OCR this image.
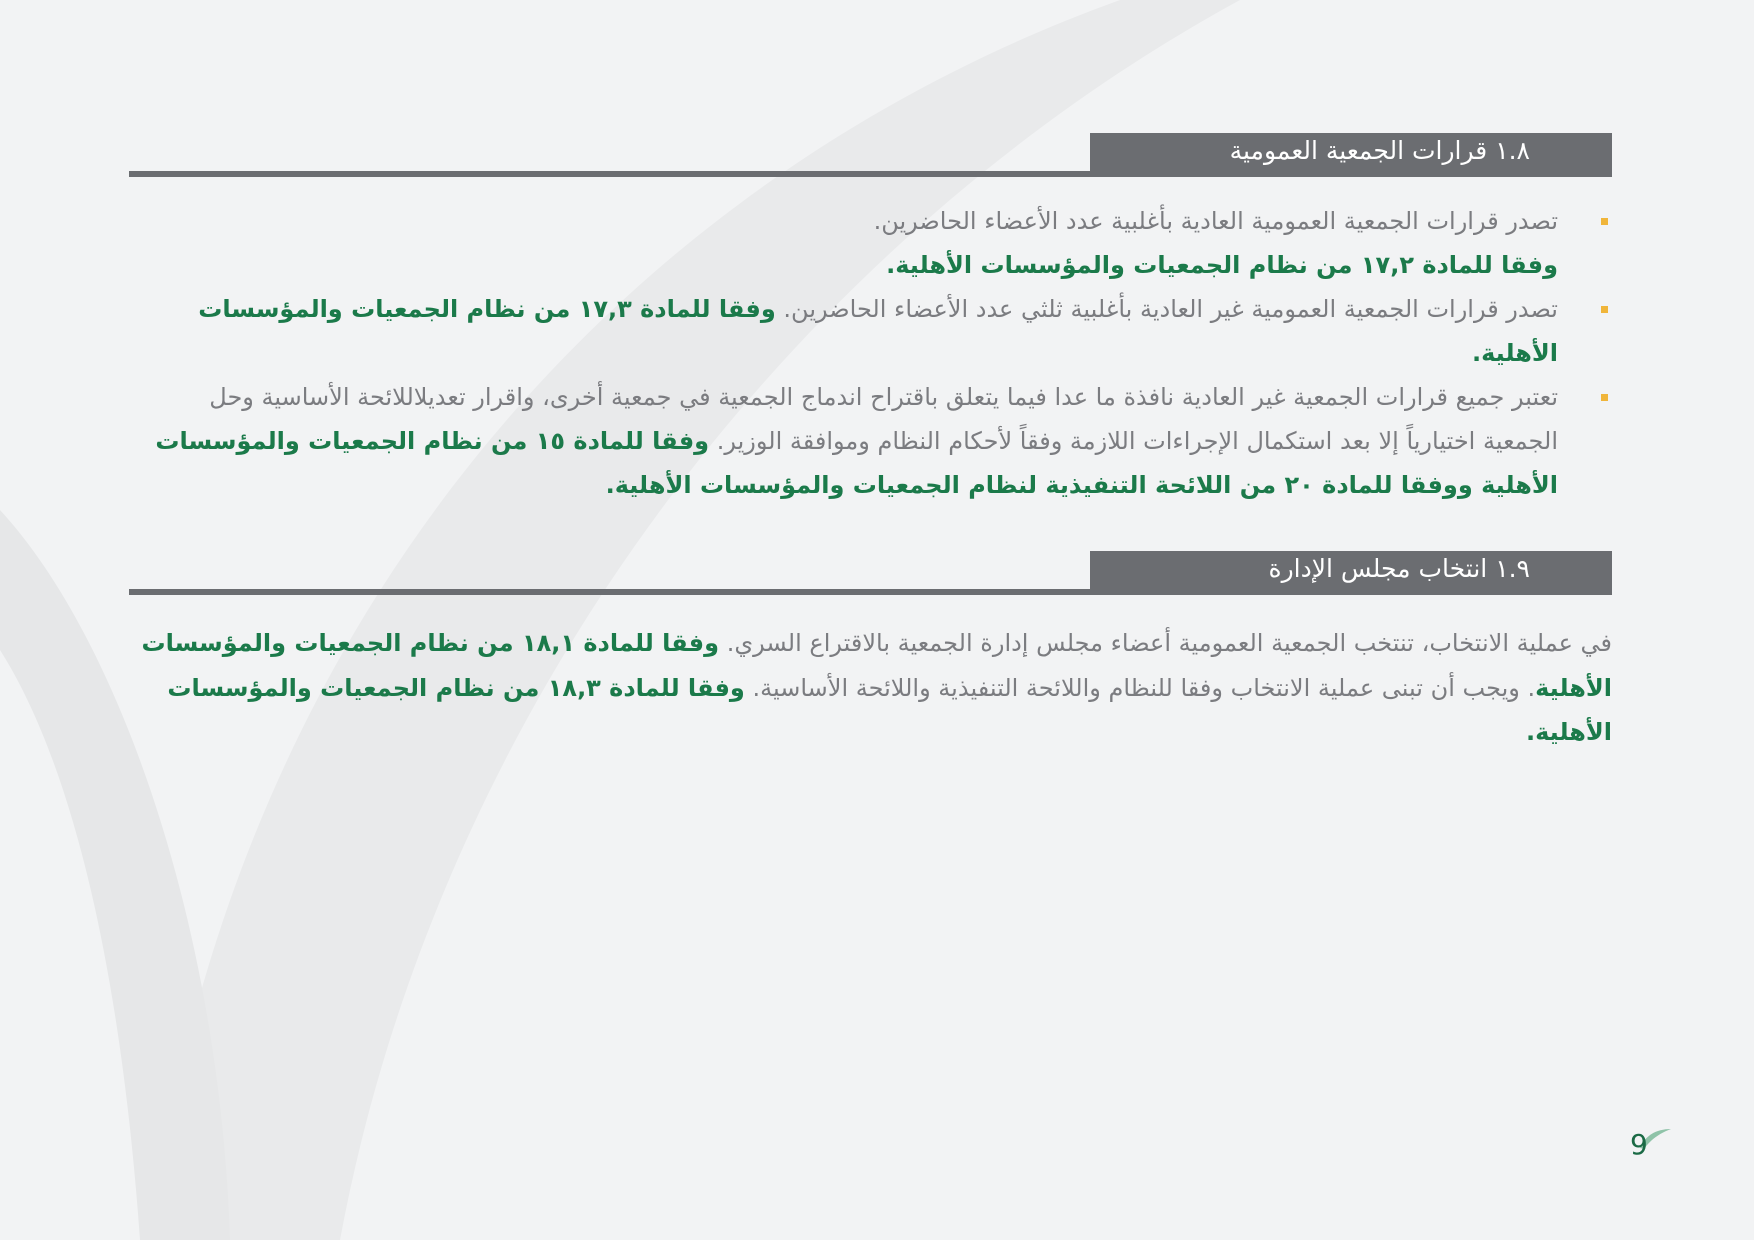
١.٨ قرارات الجمعية العمومية
تصدر قرارات الجمعية العمومية العادية بأغلبية عدد الأعضاء الحاضرين.
وفقا للمادة ١٧,٢ من نظام الجمعيات والمؤسسات الأهلية.
تصدر قرارات الجمعية العمومية غير العادية بأغلبية ثلثي عدد الأعضاء الحاضرين. وفقا للمادة ١٧,٣ من نظام الجمعيات والمؤسسات الأهلية.
تعتبر جميع قرارات الجمعية غير العادية نافذة ما عدا فيما يتعلق باقتراح اندماج الجمعية في جمعية أخرى، واقرار تعديلاللائحة الأساسية وحل الجمعية اختيارياً إلا بعد استكمال الإجراءات اللازمة وفقاً لأحكام النظام وموافقة الوزير. وفقا للمادة ١٥ من نظام الجمعيات والمؤسسات الأهلية ووفقا للمادة ٢٠ من اللائحة التنفيذية لنظام الجمعيات والمؤسسات الأهلية.
١.٩ انتخاب مجلس الإدارة

في عملية الانتخاب، تنتخب الجمعية العمومية أعضاء مجلس إدارة الجمعية بالاقتراع السري. وفقا للمادة ١٨,١ من نظام الجمعيات والمؤسسات الأهلية. ويجب أن تبنى عملية الانتخاب وفقا للنظام واللائحة التنفيذية واللائحة الأساسية. وفقا للمادة ١٨,٣ من نظام الجمعيات والمؤسسات الأهلية.

9
